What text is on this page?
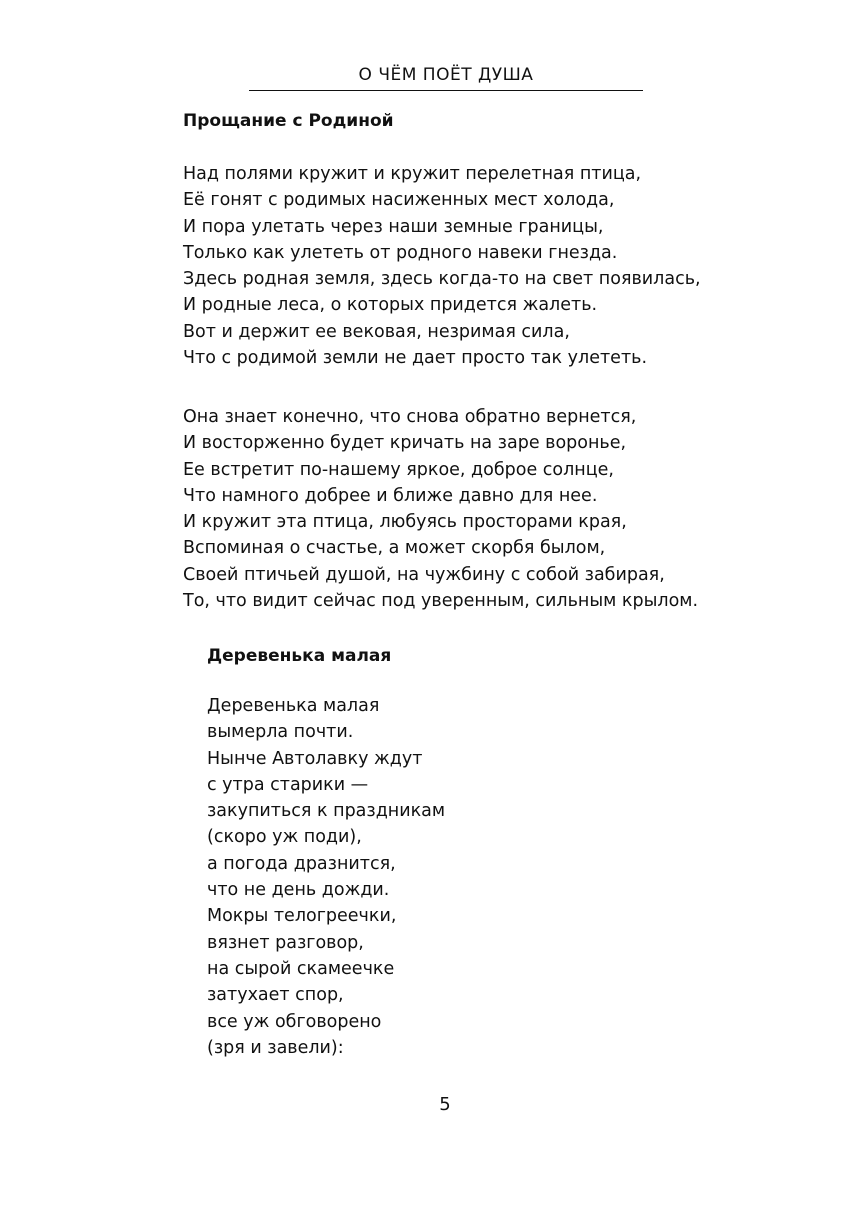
О ЧЁМ ПОЁТ ДУША
Прощание с Родиной
Над полями кружит и кружит перелетная птица,
Её гонят с родимых насиженных мест холода,
И пора улетать через наши земные границы,
Только как улететь от родного навеки гнезда.
Здесь родная земля, здесь когда-то на свет появилась,
И родные леса, о которых придется жалеть.
Вот и держит ее вековая, незримая сила,
Что с родимой земли не дает просто так улететь.
Она знает конечно, что снова обратно вернется,
И восторженно будет кричать на заре воронье,
Ее встретит по-нашему яркое, доброе солнце,
Что намного добрее и ближе давно для нее.
И кружит эта птица, любуясь просторами края,
Вспоминая о счастье, а может скорбя былом,
Своей птичьей душой, на чужбину с собой забирая,
То, что видит сейчас под уверенным, сильным крылом.
Деревенька малая
Деревенька малая
вымерла почти.
Нынче Автолавку ждут
с утра старики —
закупиться к праздникам
(скоро уж поди),
а погода дразнится,
что не день дожди.
Мокры телогреечки,
вязнет разговор,
на сырой скамеечке
затухает спор,
все уж обговорено
(зря и завели):
5
